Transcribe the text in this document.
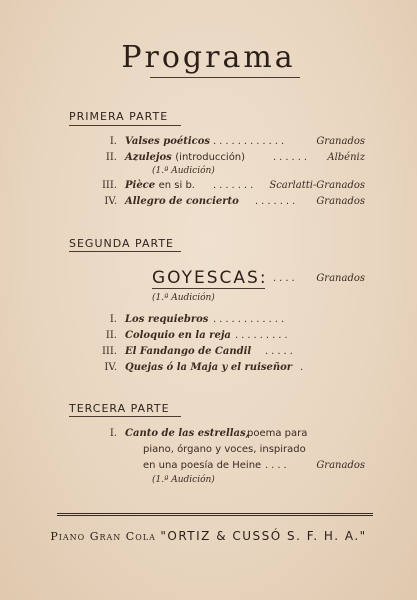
Programa
PRIMERA PARTE
I. Valses poéticos ............	Granados
II. Azulejos (introducción)	...... Albéniz
(1.ª Audición)
III. Pièce en si b. ....... Scarlatti-Granados
IV. Allegro de concierto ....... Granados
SEGUNDA PARTE
GOYESCAS: .... Granados
(1.ª Audición)
I. Los requiebros ............
II. Coloquio en la reja .........
III. El Fandango de Candil .....
IV. Quejas ó la Maja y el ruiseñor .
TERCERA PARTE
I. Canto de las estrellas,
poema para
piano, órgano y voces, inspirado
en una poesía de Heine ....	Granados
(1.ª Audición)
Piano Gran Cola "ORTIZ & CUSSÓ S. F. H. A."
